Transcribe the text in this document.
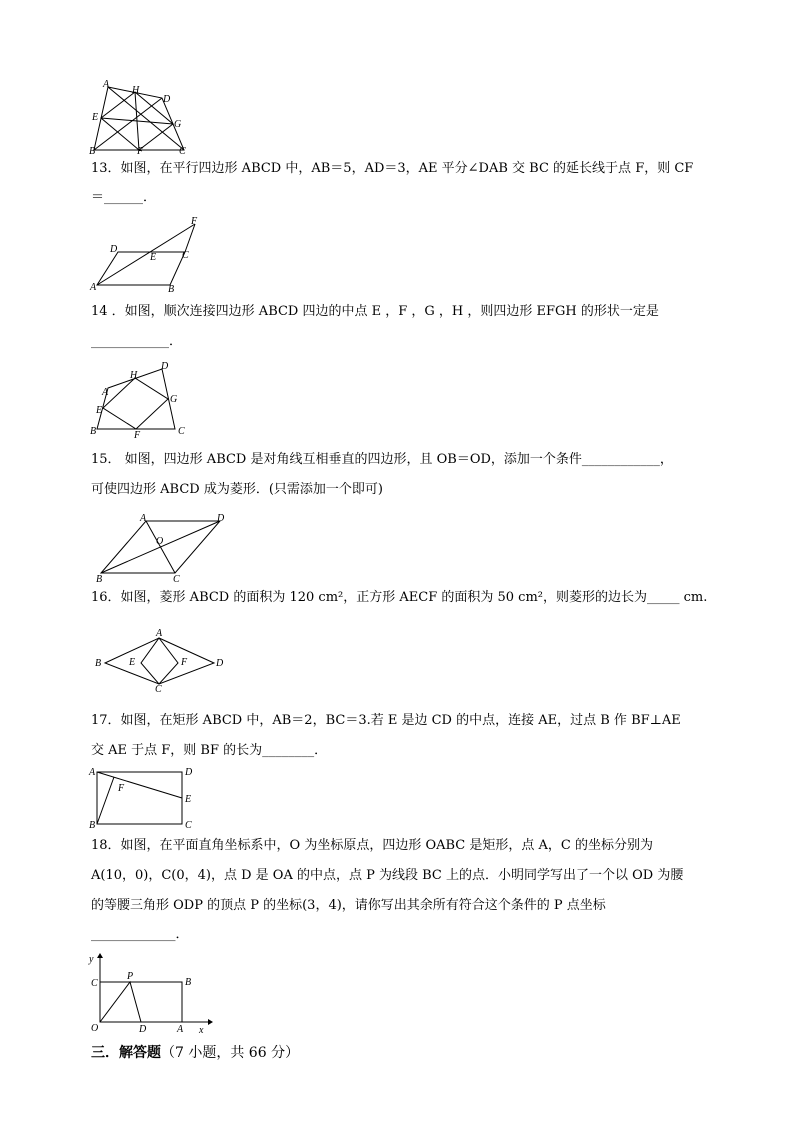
A
H
D
E
G
B	F	C
13．如图，在平行四边形 ABCD 中，AB＝5，AD＝3，AE 平分∠DAB 交 BC 的延长线于点 F，则 CF
＝______．
F
D
C
E
A	B
14 ．如图，顺次连接四边形 ABCD 四边的中点 E ，F ，G ，H ，则四边形 EFGH 的形状一定是
____________．
H
D
A
G
E
B	F	C
15． 如图，四边形 ABCD 是对角线互相垂直的四边形，且 OB＝OD，添加一个条件____________，
可使四边形 ABCD 成为菱形．(只需添加一个即可)
A	D
O
B	C
16．如图，菱形 ABCD 的面积为 120 cm²，正方形 AECF 的面积为 50 cm²，则菱形的边长为_____ cm.
A
B	E	F	D
C
17．如图，在矩形 ABCD 中，AB＝2，BC＝3.若 E 是边 CD 的中点，连接 AE，过点 B 作 BF⊥AE
交 AE 于点 F，则 BF 的长为________．
A	D
F
E
B	C
18．如图，在平面直角坐标系中，O 为坐标原点，四边形 OABC 是矩形，点 A，C 的坐标分别为
A(10，0)，C(0，4)，点 D 是 OA 的中点，点 P 为线段 BC 上的点．小明同学写出了一个以 OD 为腰
的等腰三角形 ODP 的顶点 P 的坐标(3，4)，请你写出其余所有符合这个条件的 P 点坐标
_____________．
y
P
B
C
O	D	A x
三．解答题（7 小题，共 66 分）
